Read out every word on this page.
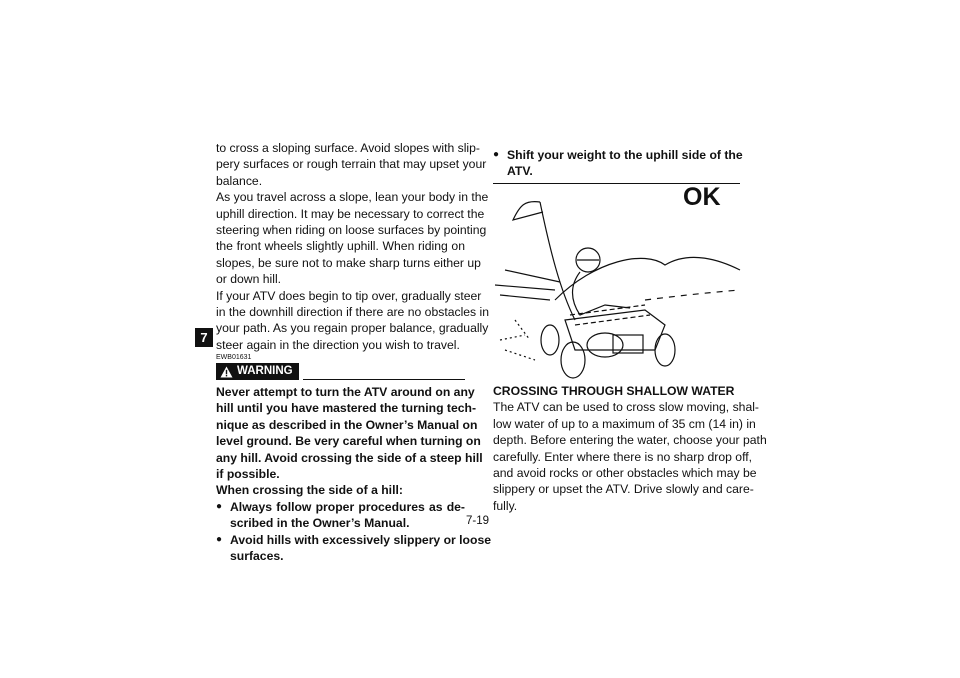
7
to cross a sloping surface. Avoid slopes with slip-
pery surfaces or rough terrain that may upset your
balance.
As you travel across a slope, lean your body in the
uphill direction. It may be necessary to correct the
steering when riding on loose surfaces by pointing
the front wheels slightly uphill. When riding on
slopes, be sure not to make sharp turns either up
or down hill.
If your ATV does begin to tip over, gradually steer
in the downhill direction if there are no obstacles in
your path. As you regain proper balance, gradually
steer again in the direction you wish to travel.
EWB01631
WARNING
Never attempt to turn the ATV around on any
hill until you have mastered the turning tech-
nique as described in the Owner’s Manual on
level ground. Be very careful when turning on
any hill. Avoid crossing the side of a steep hill
if possible.
When crossing the side of a hill:
● Always follow proper procedures as de-
scribed in the Owner’s Manual.
● Avoid hills with excessively slippery or loose
surfaces.
● Shift your weight to the uphill side of the
ATV.
OK
CROSSING THROUGH SHALLOW WATER
The ATV can be used to cross slow moving, shal-
low water of up to a maximum of 35 cm (14 in) in
depth. Before entering the water, choose your path
carefully. Enter where there is no sharp drop off,
and avoid rocks or other obstacles which may be
slippery or upset the ATV. Drive slowly and care-
fully.
7-19
